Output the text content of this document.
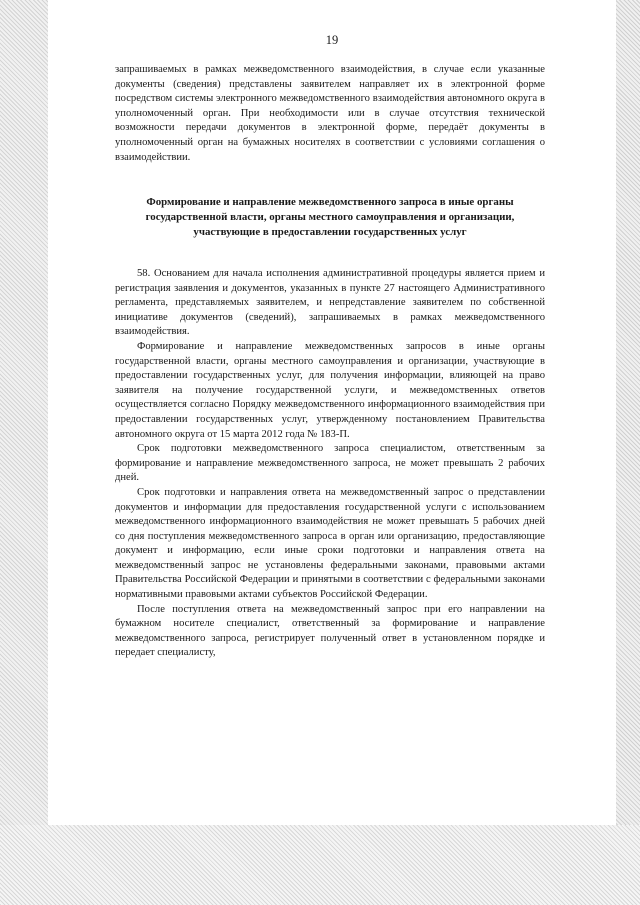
19

запрашиваемых в рамках межведомственного взаимодействия, в случае если указанные документы (сведения) представлены заявителем направляет их в электронной форме посредством системы электронного межведомственного взаимодействия автономного округа в уполномоченный орган. При необходимости или в случае отсутствия технической возможности передачи документов в электронной форме, передаёт документы в уполномоченный орган на бумажных носителях в соответствии с условиями соглашения о взаимодействии.

Формирование и направление межведомственного запроса в иные органы государственной власти, органы местного самоуправления и организации, участвующие в предоставлении государственных услуг

58. Основанием для начала исполнения административной процедуры является прием и регистрация заявления и документов, указанных в пункте 27 настоящего Административного регламента, представляемых заявителем, и непредставление заявителем по собственной инициативе документов (сведений), запрашиваемых в рамках межведомственного взаимодействия.

Формирование и направление межведомственных запросов в иные органы государственной власти, органы местного самоуправления и организации, участвующие в предоставлении государственных услуг, для получения информации, влияющей на право заявителя на получение государственной услуги, и межведомственных ответов осуществляется согласно Порядку межведомственного информационного взаимодействия при предоставлении государственных услуг, утвержденному постановлением Правительства автономного округа от 15 марта 2012 года № 183-П.

Срок подготовки межведомственного запроса специалистом, ответственным за формирование и направление межведомственного запроса, не может превышать 2 рабочих дней.

Срок подготовки и направления ответа на межведомственный запрос о представлении документов и информации для предоставления государственной услуги с использованием межведомственного информационного взаимодействия не может превышать 5 рабочих дней со дня поступления межведомственного запроса в орган или организацию, предоставляющие документ и информацию, если иные сроки подготовки и направления ответа на межведомственный запрос не установлены федеральными законами, правовыми актами Правительства Российской Федерации и принятыми в соответствии с федеральными законами нормативными правовыми актами субъектов Российской Федерации.

После поступления ответа на межведомственный запрос при его направлении на бумажном носителе специалист, ответственный за формирование и направление межведомственного запроса, регистрирует полученный ответ в установленном порядке и передает специалисту,
